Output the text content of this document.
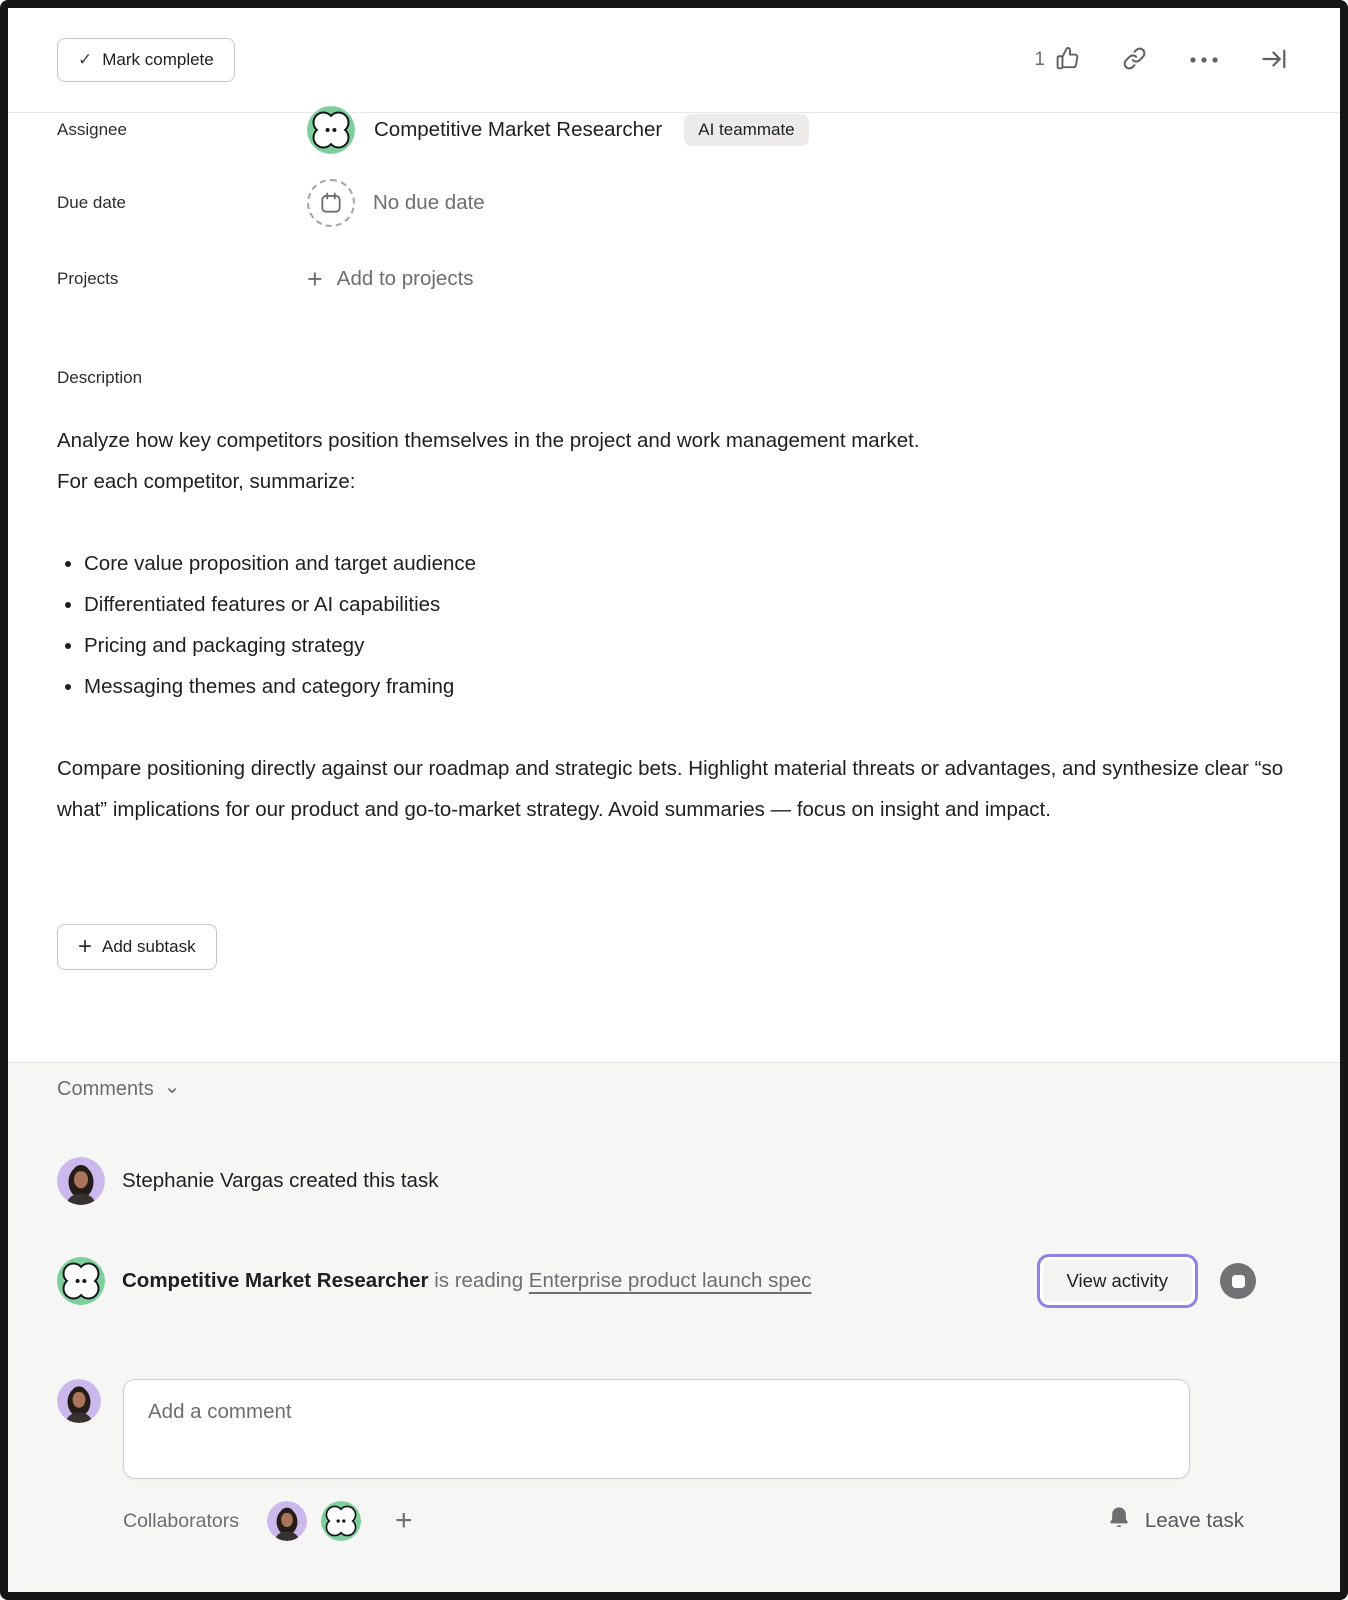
✓ Mark complete	1
Assignee	Competitive Market Researcher	AI teammate
Due date	No due date
Projects	+ Add to projects
Description
Analyze how key competitors position themselves in the project and work management market.
For each competitor, summarize:
• Core value proposition and target audience
• Differentiated features or AI capabilities
• Pricing and packaging strategy
• Messaging themes and category framing
Compare positioning directly against our roadmap and strategic bets. Highlight material threats or advantages, and synthesize clear “so what” implications for our product and go-to-market strategy. Avoid summaries — focus on insight and impact.
+ Add subtask
Comments ⌄
Stephanie Vargas created this task
Competitive Market Researcher is reading Enterprise product launch spec	View activity
Add a comment
Collaborators	+	Leave task
